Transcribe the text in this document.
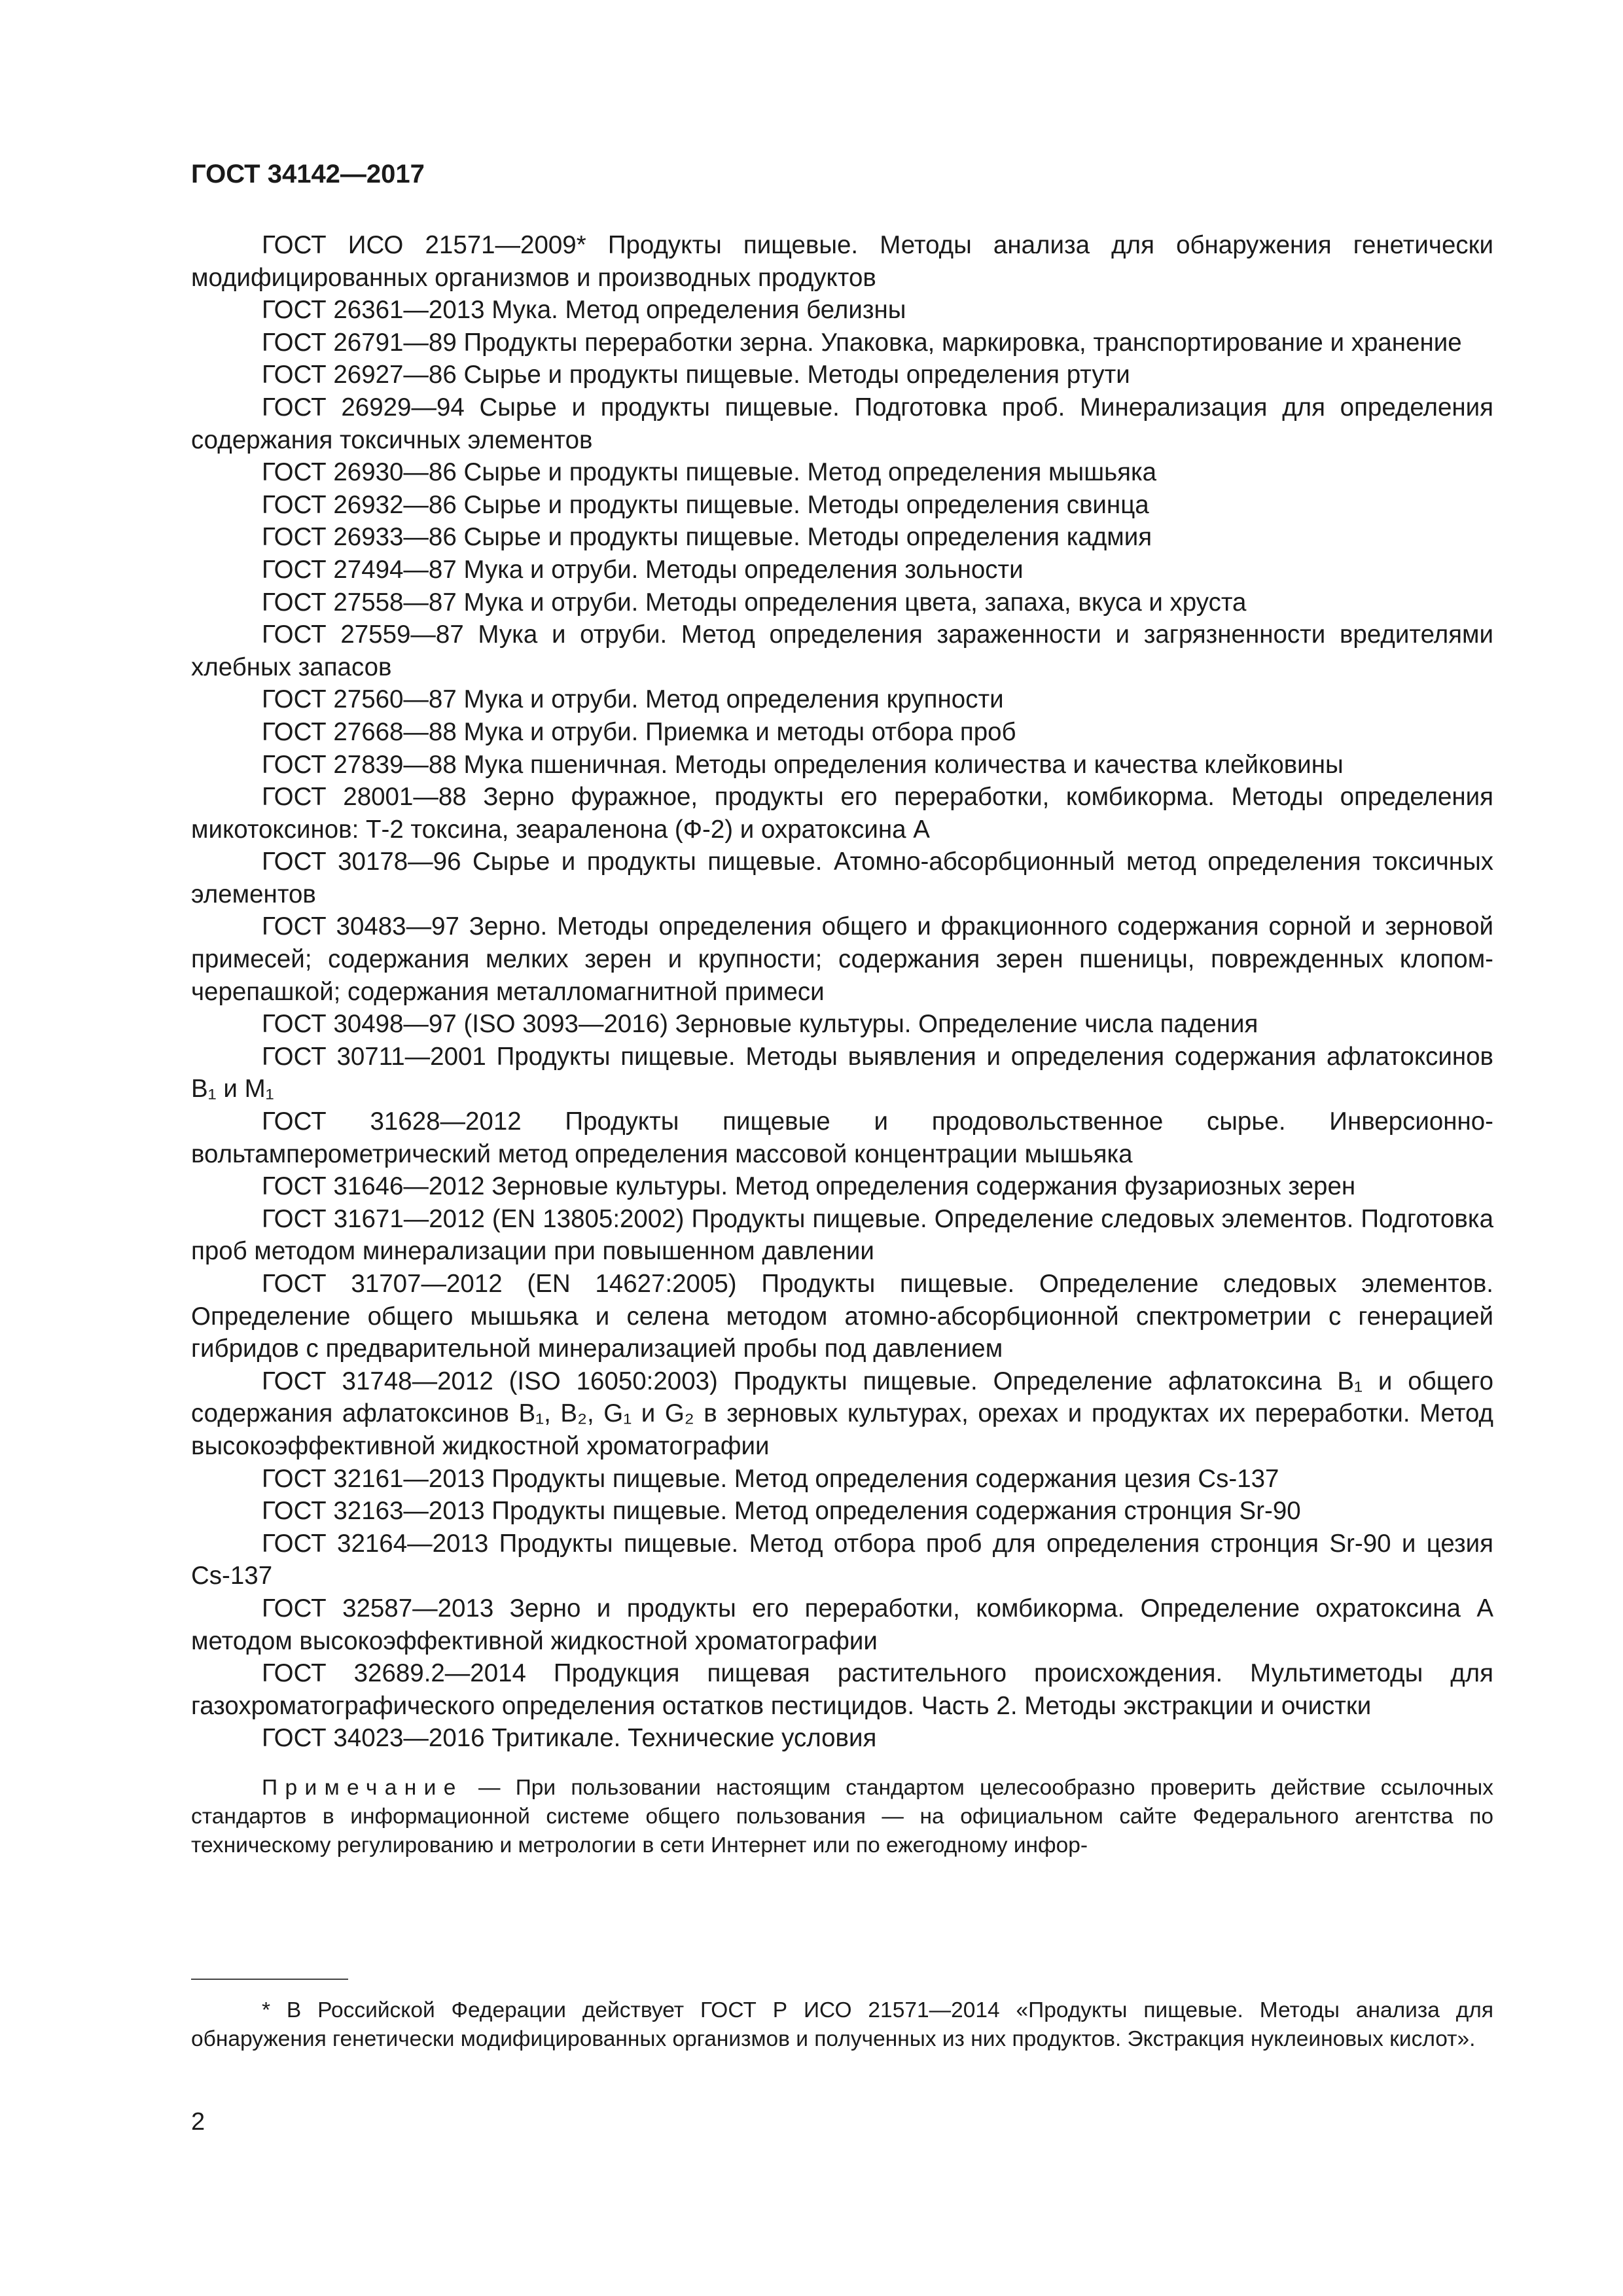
ГОСТ 34142—2017

ГОСТ ИСО 21571—2009* Продукты пищевые. Методы анализа для обнаружения генетически модифицированных организмов и производных продуктов

ГОСТ 26361—2013 Мука. Метод определения белизны

ГОСТ 26791—89 Продукты переработки зерна. Упаковка, маркировка, транспортирование и хранение

ГОСТ 26927—86 Сырье и продукты пищевые. Методы определения ртути

ГОСТ 26929—94 Сырье и продукты пищевые. Подготовка проб. Минерализация для определения содержания токсичных элементов

ГОСТ 26930—86 Сырье и продукты пищевые. Метод определения мышьяка

ГОСТ 26932—86 Сырье и продукты пищевые. Методы определения свинца

ГОСТ 26933—86 Сырье и продукты пищевые. Методы определения кадмия

ГОСТ 27494—87 Мука и отруби. Методы определения зольности

ГОСТ 27558—87 Мука и отруби. Методы определения цвета, запаха, вкуса и хруста

ГОСТ 27559—87 Мука и отруби. Метод определения зараженности и загрязненности вредителями хлебных запасов

ГОСТ 27560—87 Мука и отруби. Метод определения крупности

ГОСТ 27668—88 Мука и отруби. Приемка и методы отбора проб

ГОСТ 27839—88 Мука пшеничная. Методы определения количества и качества клейковины

ГОСТ 28001—88 Зерно фуражное, продукты его переработки, комбикорма. Методы определения микотоксинов: Т-2 токсина, зеараленона (Ф-2) и охратоксина А

ГОСТ 30178—96 Сырье и продукты пищевые. Атомно-абсорбционный метод определения токсичных элементов

ГОСТ 30483—97 Зерно. Методы определения общего и фракционного содержания сорной и зерновой примесей; содержания мелких зерен и крупности; содержания зерен пшеницы, поврежденных клопом-черепашкой; содержания металломагнитной примеси

ГОСТ 30498—97 (ISO 3093—2016) Зерновые культуры. Определение числа падения

ГОСТ 30711—2001 Продукты пищевые. Методы выявления и определения содержания афлатоксинов B₁ и M₁

ГОСТ 31628—2012 Продукты пищевые и продовольственное сырье. Инверсионно-вольтамперометрический метод определения массовой концентрации мышьяка

ГОСТ 31646—2012 Зерновые культуры. Метод определения содержания фузариозных зерен

ГОСТ 31671—2012 (EN 13805:2002) Продукты пищевые. Определение следовых элементов. Подготовка проб методом минерализации при повышенном давлении

ГОСТ 31707—2012 (EN 14627:2005) Продукты пищевые. Определение следовых элементов. Определение общего мышьяка и селена методом атомно-абсорбционной спектрометрии с генерацией гибридов с предварительной минерализацией пробы под давлением

ГОСТ 31748—2012 (ISO 16050:2003) Продукты пищевые. Определение афлатоксина B₁ и общего содержания афлатоксинов B₁, B₂, G₁ и G₂ в зерновых культурах, орехах и продуктах их переработки. Метод высокоэффективной жидкостной хроматографии

ГОСТ 32161—2013 Продукты пищевые. Метод определения содержания цезия Cs-137

ГОСТ 32163—2013 Продукты пищевые. Метод определения содержания стронция Sr-90

ГОСТ 32164—2013 Продукты пищевые. Метод отбора проб для определения стронция Sr-90 и цезия Cs-137

ГОСТ 32587—2013 Зерно и продукты его переработки, комбикорма. Определение охратоксина А методом высокоэффективной жидкостной хроматографии

ГОСТ 32689.2—2014 Продукция пищевая растительного происхождения. Мультиметоды для газохроматографического определения остатков пестицидов. Часть 2. Методы экстракции и очистки

ГОСТ 34023—2016 Тритикале. Технические условия

Примечание — При пользовании настоящим стандартом целесообразно проверить действие ссылочных стандартов в информационной системе общего пользования — на официальном сайте Федерального агентства по техническому регулированию и метрологии в сети Интернет или по ежегодному инфор-
* В Российской Федерации действует ГОСТ Р ИСО 21571—2014 «Продукты пищевые. Методы анализа для обнаружения генетически модифицированных организмов и полученных из них продуктов. Экстракция нуклеиновых кислот».
2
